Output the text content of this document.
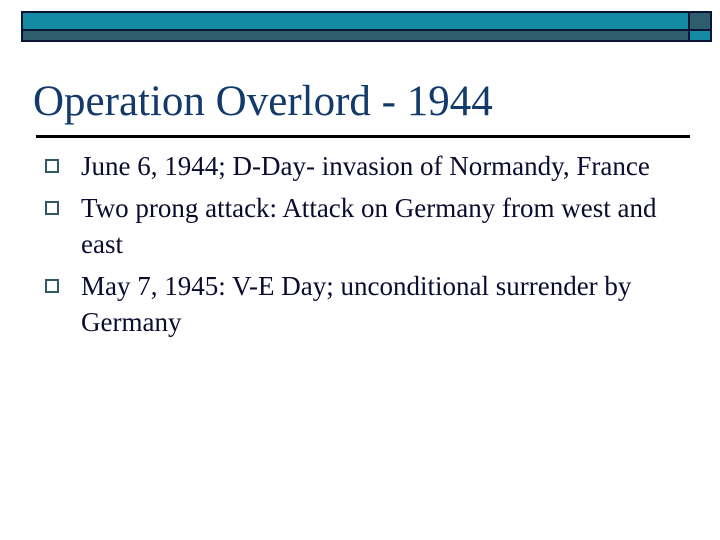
Operation Overlord - 1944
June 6, 1944; D-Day- invasion of Normandy, France
Two prong attack: Attack on Germany from west and east
May 7, 1945: V-E Day; unconditional surrender by Germany
